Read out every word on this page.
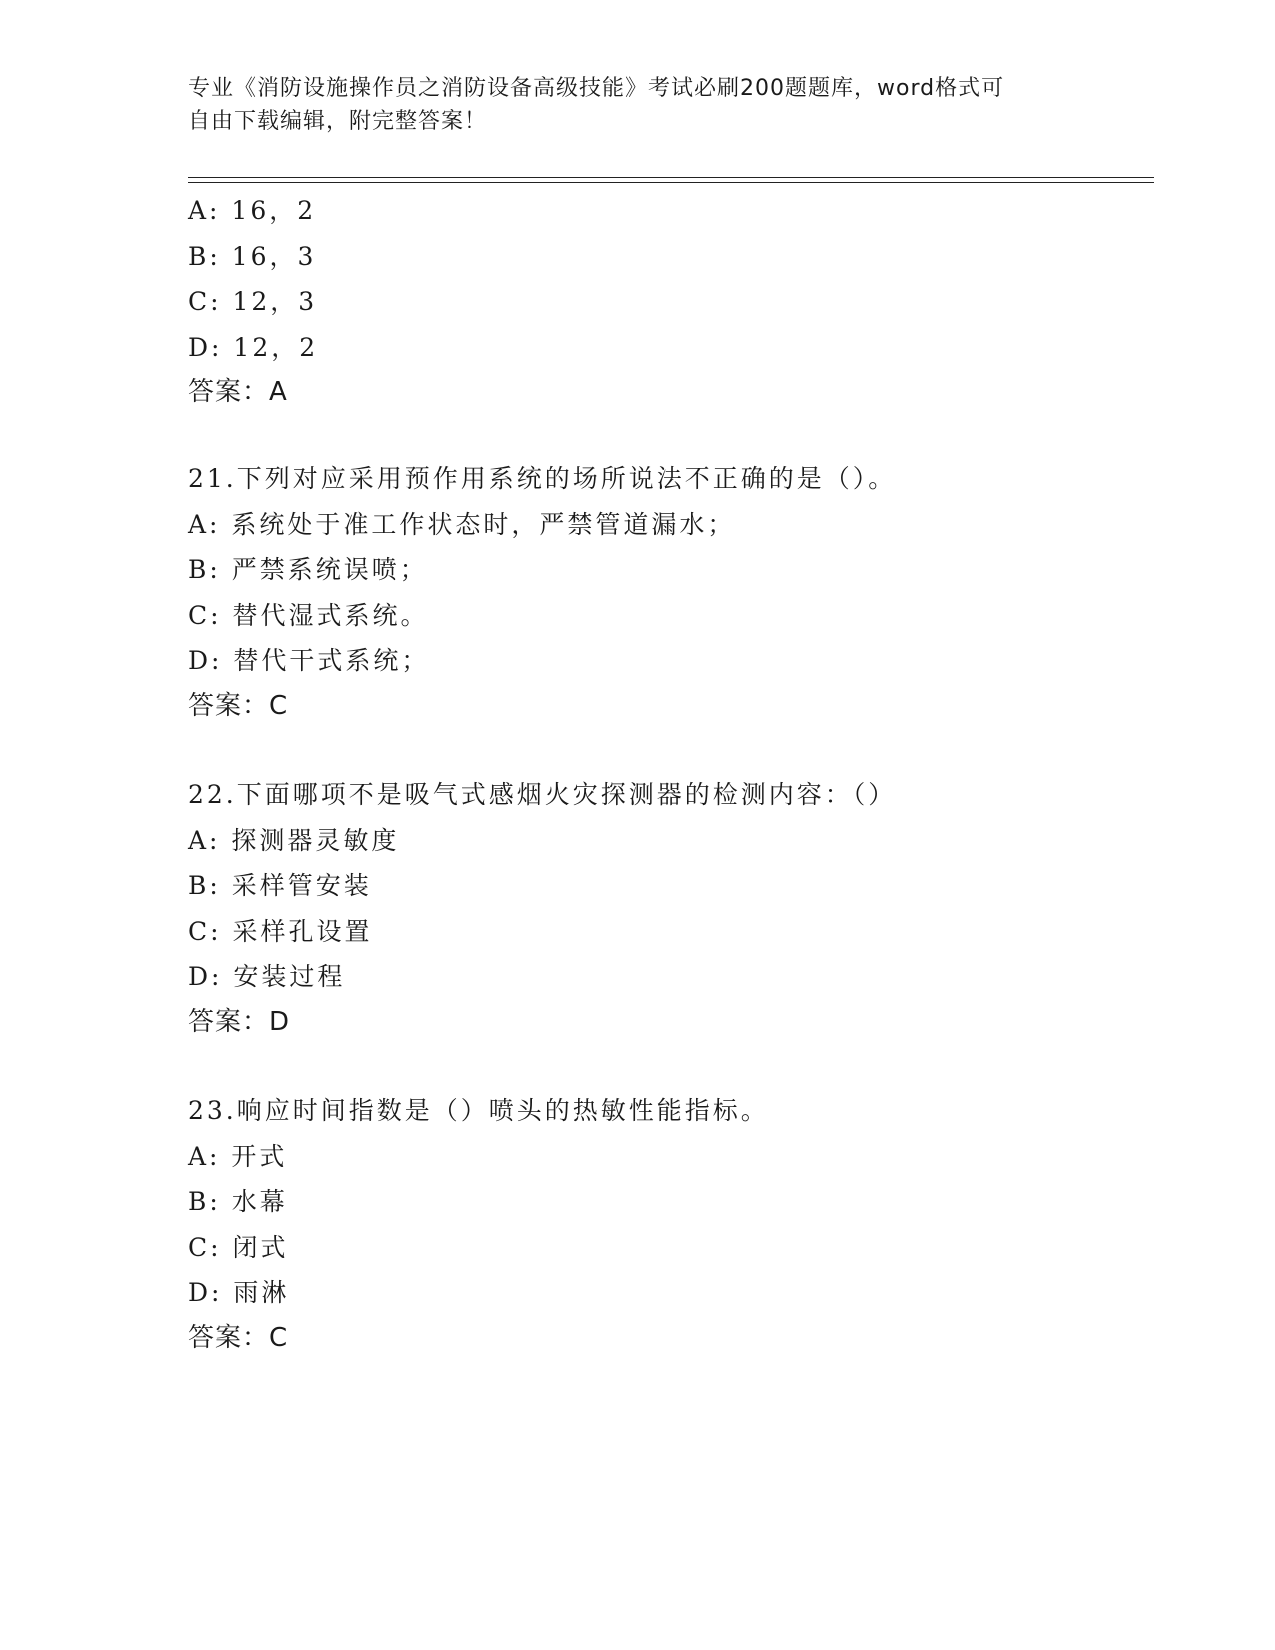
专业《消防设施操作员之消防设备高级技能》考试必刷200题题库，word格式可
自由下载编辑，附完整答案！
A: 16，2
B: 16，3
C: 12，3
D: 12，2
答案：A
21.下列对应采用预作用系统的场所说法不正确的是（）。
A: 系统处于准工作状态时，严禁管道漏水；
B: 严禁系统误喷；
C: 替代湿式系统。
D: 替代干式系统；
答案：C
22.下面哪项不是吸气式感烟火灾探测器的检测内容：（）
A: 探测器灵敏度
B: 采样管安装
C: 采样孔设置
D: 安装过程
答案：D
23.响应时间指数是（）喷头的热敏性能指标。
A: 开式
B: 水幕
C: 闭式
D: 雨淋
答案：C
